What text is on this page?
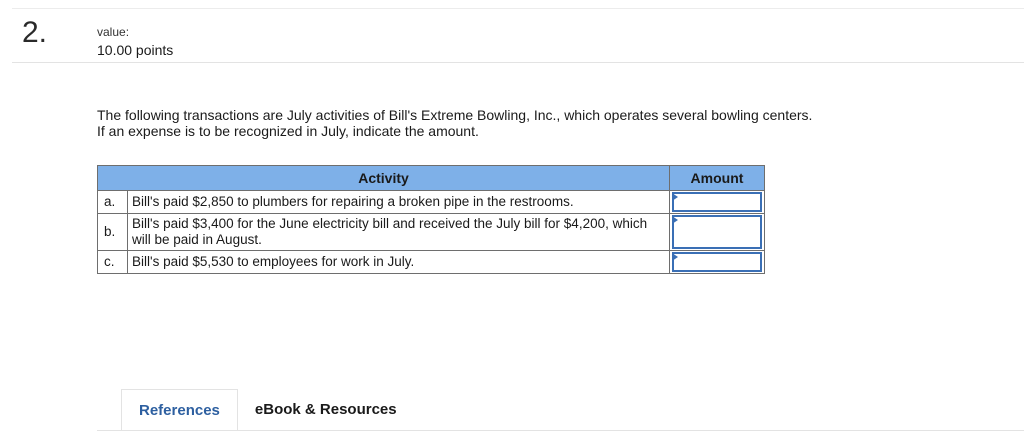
2.	value:
10.00 points
The following transactions are July activities of Bill's Extreme Bowling, Inc., which operates several bowling centers. If an expense is to be recognized in July, indicate the amount.
Activity		Amount
a.	Bill's paid $2,850 to plumbers for repairing a broken pipe in the restrooms.	

b.	Bill's paid $3,400 for the June electricity bill and received the July bill for $4,200, which will be paid in August.	

c.	Bill's paid $5,530 to employees for work in July.	
References	eBook & Resources
